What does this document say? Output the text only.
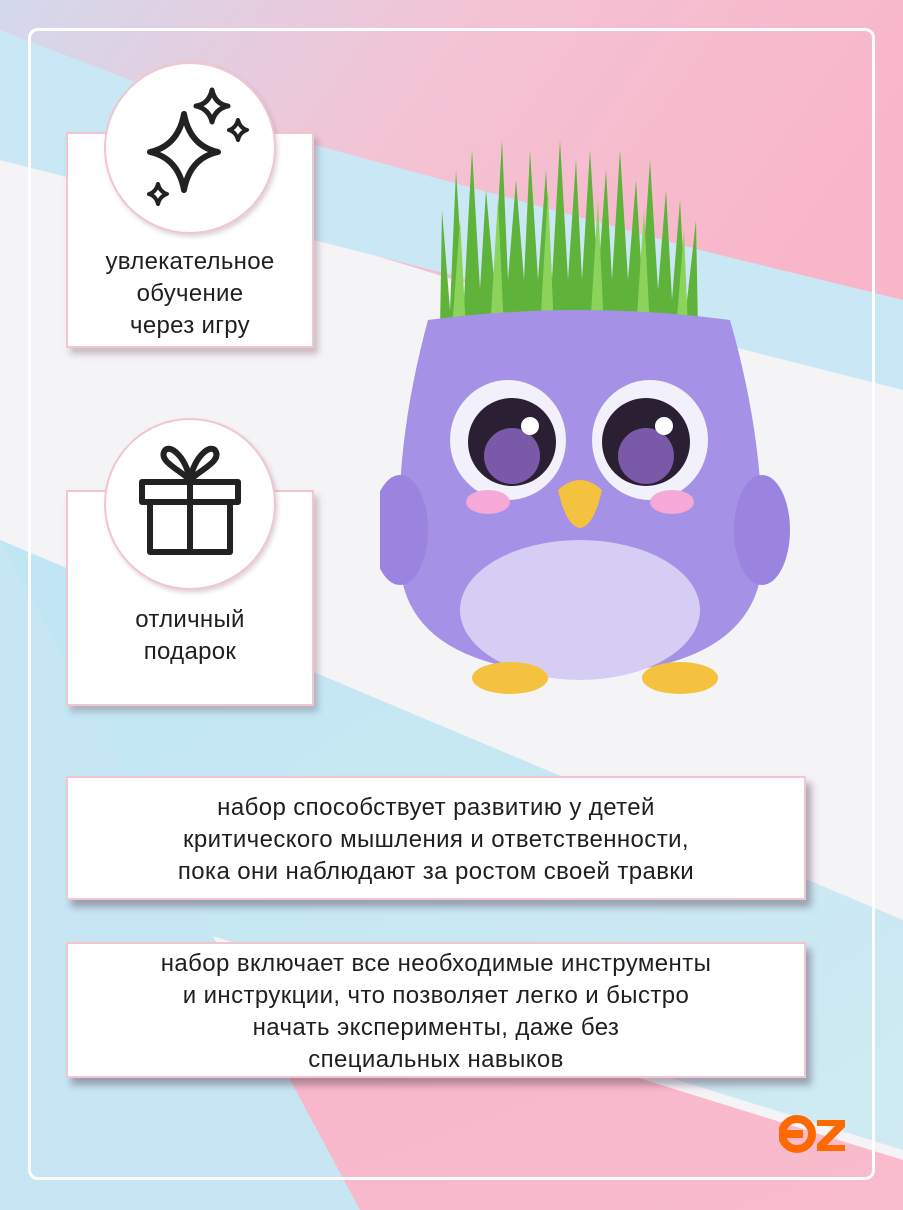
увлекательное
обучение
через игру
отличный
подарок
набор способствует развитию у детей
критического мышления и ответственности,
пока они наблюдают за ростом своей травки
набор включает все необходимые инструменты
и инструкции, что позволяет легко и быстро
начать эксперименты, даже без
специальных навыков
